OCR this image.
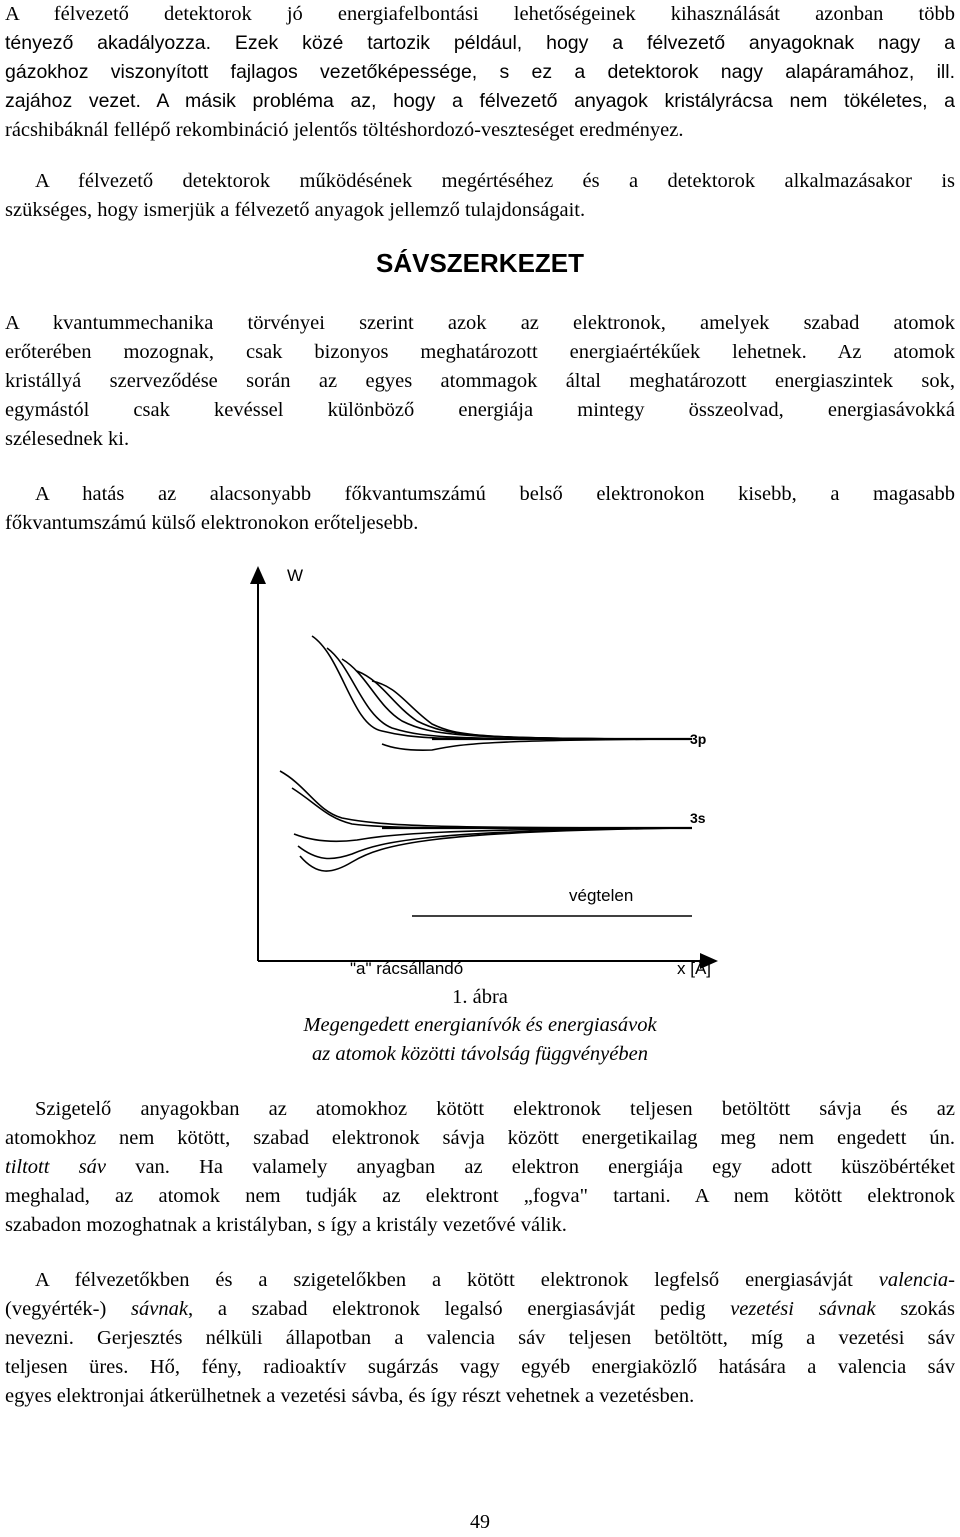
A félvezető detektorok jó energiafelbontási lehetőségeinek kihasználását azonban több
tényező akadályozza. Ezek közé tartozik például, hogy a félvezető anyagoknak nagy a
gázokhoz viszonyított fajlagos vezetőképessége, s ez a detektorok nagy alapáramához, ill.
zajához vezet. A másik probléma az, hogy a félvezető anyagok kristályrácsa nem tökéletes, a
rácshibáknál fellépő rekombináció jelentős töltéshordozó-veszteséget eredményez.

A félvezető detektorok működésének megértéséhez és a detektorok alkalmazásakor is
szükséges, hogy ismerjük a félvezető anyagok jellemző tulajdonságait.

SÁVSZERKEZET

A kvantummechanika törvényei szerint azok az elektronok, amelyek szabad atomok
erőterében mozognak, csak bizonyos meghatározott energiaértékűek lehetnek. Az atomok
kristállyá szerveződése során az egyes atommagok által meghatározott energiaszintek sok,
egymástól csak kevéssel különböző energiája mintegy összeolvad, energiasávokká
szélesednek ki.

A hatás az alacsonyabb főkvantumszámú belső elektronokon kisebb, a magasabb
főkvantumszámú külső elektronokon erőteljesebb.

W
3p
3s
végtelen
"a" rácsállandó	x [Å]
1. ábra
Megengedett energianívók és energiasávok
az atomok közötti távolság függvényében

Szigetelő anyagokban az atomokhoz kötött elektronok teljesen betöltött sávja és az
atomokhoz nem kötött, szabad elektronok sávja között energetikailag meg nem engedett ún.
tiltott sáv van. Ha valamely anyagban az elektron energiája egy adott küszöbértéket
meghalad, az atomok nem tudják az elektront „fogva" tartani. A nem kötött elektronok
szabadon mozoghatnak a kristályban, s így a kristály vezetővé válik.

A félvezetőkben és a szigetelőkben a kötött elektronok legfelső energiasávját valencia-
(vegyérték-) sávnak, a szabad elektronok legalsó energiasávját pedig vezetési sávnak szokás
nevezni. Gerjesztés nélküli állapotban a valencia sáv teljesen betöltött, míg a vezetési sáv
teljesen üres. Hő, fény, radioaktív sugárzás vagy egyéb energiaközlő hatására a valencia sáv
egyes elektronjai átkerülhetnek a vezetési sávba, és így részt vehetnek a vezetésben.

49
